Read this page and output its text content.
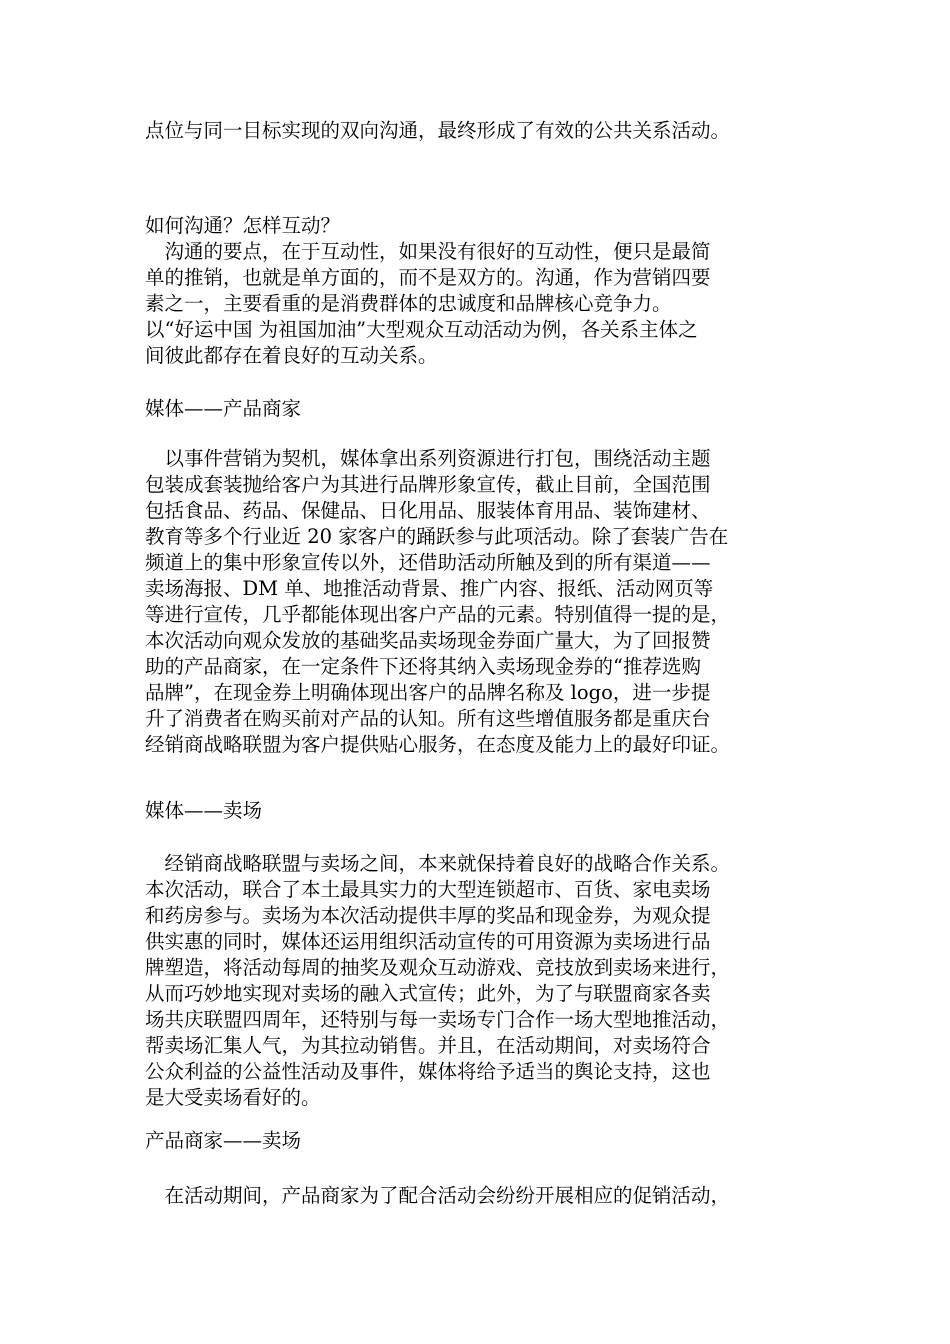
点位与同一目标实现的双向沟通，最终形成了有效的公共关系活动。
如何沟通？怎样互动？
　沟通的要点，在于互动性，如果没有很好的互动性，便只是最简
单的推销，也就是单方面的，而不是双方的。沟通，作为营销四要
素之一，主要看重的是消费群体的忠诚度和品牌核心竞争力。
以“好运中国 为祖国加油”大型观众互动活动为例，各关系主体之
间彼此都存在着良好的互动关系。
媒体——产品商家
　以事件营销为契机，媒体拿出系列资源进行打包，围绕活动主题
包装成套装抛给客户为其进行品牌形象宣传，截止目前，全国范围
包括食品、药品、保健品、日化用品、服装体育用品、装饰建材、
教育等多个行业近 20 家客户的踊跃参与此项活动。除了套装广告在
频道上的集中形象宣传以外，还借助活动所触及到的所有渠道——
卖场海报、DM 单、地推活动背景、推广内容、报纸、活动网页等
等进行宣传，几乎都能体现出客户产品的元素。特别值得一提的是，
本次活动向观众发放的基础奖品卖场现金券面广量大，为了回报赞
助的产品商家，在一定条件下还将其纳入卖场现金券的“推荐选购
品牌”，在现金券上明确体现出客户的品牌名称及 logo，进一步提
升了消费者在购买前对产品的认知。所有这些增值服务都是重庆台
经销商战略联盟为客户提供贴心服务，在态度及能力上的最好印证。
媒体——卖场
　经销商战略联盟与卖场之间，本来就保持着良好的战略合作关系。
本次活动，联合了本土最具实力的大型连锁超市、百货、家电卖场
和药房参与。卖场为本次活动提供丰厚的奖品和现金券，为观众提
供实惠的同时，媒体还运用组织活动宣传的可用资源为卖场进行品
牌塑造，将活动每周的抽奖及观众互动游戏、竞技放到卖场来进行，
从而巧妙地实现对卖场的融入式宣传；此外，为了与联盟商家各卖
场共庆联盟四周年，还特别与每一卖场专门合作一场大型地推活动，
帮卖场汇集人气，为其拉动销售。并且，在活动期间，对卖场符合
公众利益的公益性活动及事件，媒体将给予适当的舆论支持，这也
是大受卖场看好的。
产品商家——卖场
　在活动期间，产品商家为了配合活动会纷纷开展相应的促销活动，
